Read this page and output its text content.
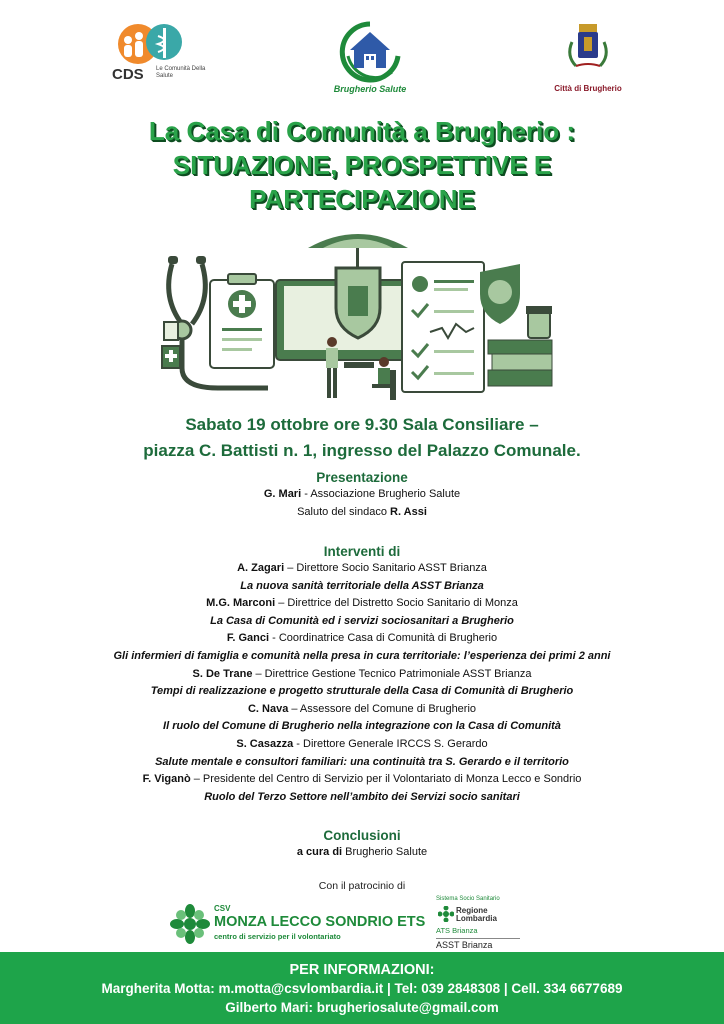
CDS Le Comunità Della Salute
Brugherio Salute	Città di Brugherio
La Casa di Comunità a Brugherio :
SITUAZIONE, PROSPETTIVE E
PARTECIPAZIONE
Sabato 19 ottobre ore 9.30 Sala Consiliare –
piazza C. Battisti n. 1, ingresso del Palazzo Comunale.
Presentazione
G. Mari - Associazione Brugherio Salute
Saluto del sindaco R. Assi
Interventi di
A. Zagari – Direttore Socio Sanitario ASST Brianza
La nuova sanità territoriale della ASST Brianza
M.G. Marconi – Direttrice del Distretto Socio Sanitario di Monza
La Casa di Comunità ed i servizi sociosanitari a Brugherio
F. Ganci - Coordinatrice Casa di Comunità di Brugherio
Gli infermieri di famiglia e comunità nella presa in cura territoriale: l’esperienza dei primi 2 anni
S. De Trane – Direttrice Gestione Tecnico Patrimoniale ASST Brianza
Tempi di realizzazione e progetto strutturale della Casa di Comunità di Brugherio
C. Nava – Assessore del Comune di Brugherio
Il ruolo del Comune di Brugherio nella integrazione con la Casa di Comunità
S. Casazza - Direttore Generale IRCCS S. Gerardo
Salute mentale e consultori familiari: una continuità tra S. Gerardo e il territorio
F. Viganò – Presidente del Centro di Servizio per il Volontariato di Monza Lecco e Sondrio
Ruolo del Terzo Settore nell’ambito dei Servizi socio sanitari
Conclusioni
a cura di Brugherio Salute
Con il patrocinio di
CSV
MONZA LECCO SONDRIO ETS
centro di servizio per il volontariato
Sistema Socio Sanitario
Regione
Lombardia
ATS Brianza
ASST Brianza
PER INFORMAZIONI:
Margherita Motta: m.motta@csvlombardia.it | Tel: 039 2848308 | Cell. 334 6677689
Gilberto Mari: brugheriosalute@gmail.com
